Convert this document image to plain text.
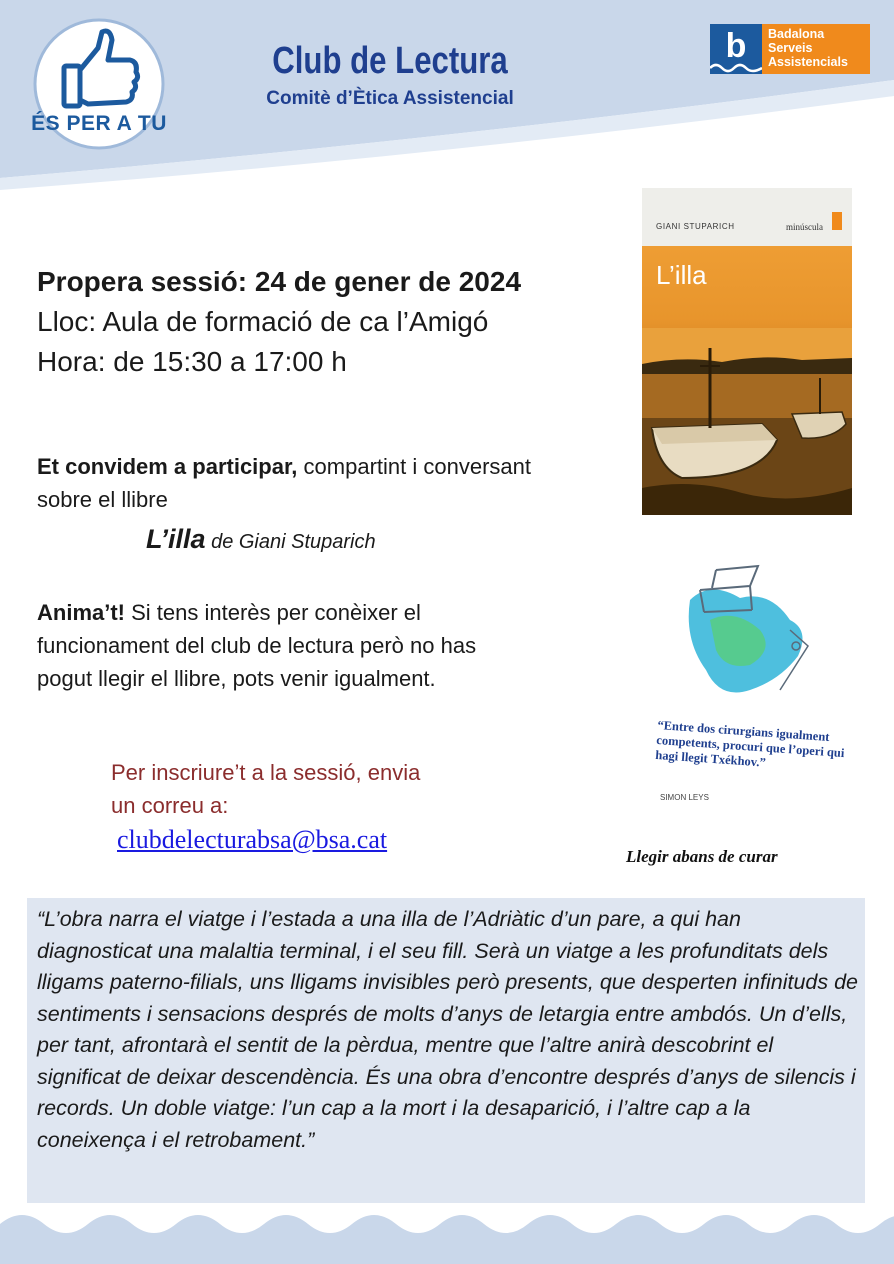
ÉS PER A TU
Club de Lectura
Comitè d’Ètica Assistencial
b	Badalona
Serveis
Assistencials
Propera sessió: 24 de gener de 2024
Lloc: Aula de formació de ca l’Amigó
Hora: de 15:30 a 17:00 h
Et convidem a participar, compartint i conversant sobre el llibre
L’illa de Giani Stuparich
Anima’t! Si tens interès per conèixer el funcionament del club de lectura però no has pogut llegir el llibre, pots venir igualment.
Per inscriure’t a la sessió, envia
un correu a:
clubdelecturabsa@bsa.cat
GIANI STUPARICH	minúscula
L’illa
“Entre dos cirurgians igualment competents, procuri que l’operi qui hagi llegit Txékhov.”
SIMON LEYS
Llegir abans de curar
“L’obra narra el viatge i l’estada a una illa de l’Adriàtic d’un pare, a qui han diagnosticat una malaltia terminal, i el seu fill. Serà un viatge a les profunditats dels lligams paterno-filials, uns lligams invisibles però presents, que desperten infinituds de sentiments i sensacions després de molts d’anys de letargia entre ambdós. Un d’ells, per tant, afrontarà el sentit de la pèrdua, mentre que l’altre anirà descobrint el significat de deixar descendència. És una obra d’encontre després d’anys de silencis i records. Un doble viatge: l’un cap a la mort i la desaparició, i l’altre cap a la coneixença i el retrobament.”
